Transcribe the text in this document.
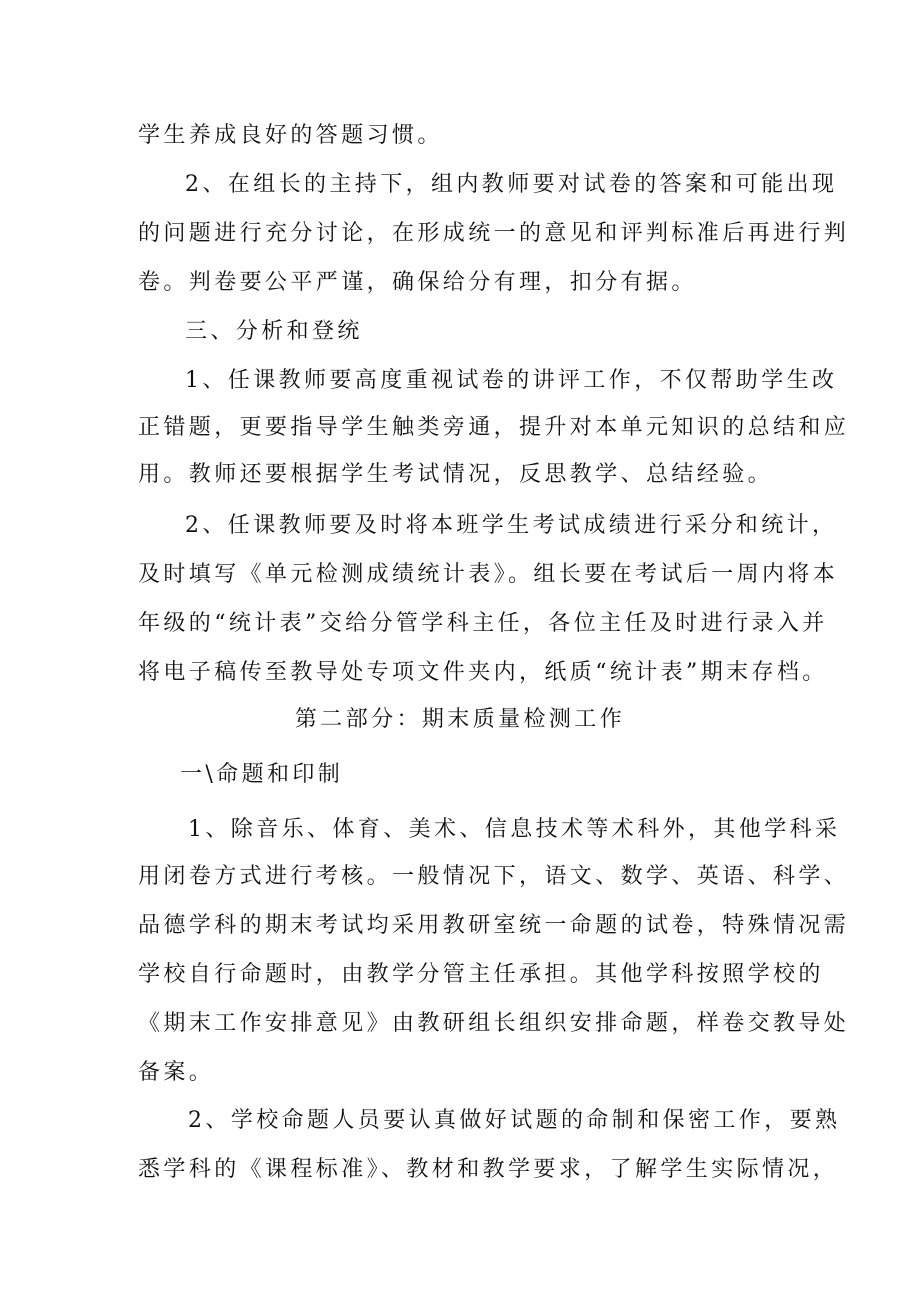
学生养成良好的答题习惯。
2、在组长的主持下，组内教师要对试卷的答案和可能出现
的问题进行充分讨论，在形成统一的意见和评判标准后再进行判
卷。判卷要公平严谨，确保给分有理，扣分有据。
三、分析和登统
1、任课教师要高度重视试卷的讲评工作，不仅帮助学生改
正错题，更要指导学生触类旁通，提升对本单元知识的总结和应
用。教师还要根据学生考试情况，反思教学、总结经验。
2、任课教师要及时将本班学生考试成绩进行采分和统计，
及时填写《单元检测成绩统计表》。组长要在考试后一周内将本
年级的“统计表”交给分管学科主任，各位主任及时进行录入并
将电子稿传至教导处专项文件夹内，纸质“统计表”期末存档。
第二部分：期末质量检测工作
一\命题和印制
1、除音乐、体育、美术、信息技术等术科外，其他学科采
用闭卷方式进行考核。一般情况下，语文、数学、英语、科学、
品德学科的期末考试均采用教研室统一命题的试卷，特殊情况需
学校自行命题时，由教学分管主任承担。其他学科按照学校的
《期末工作安排意见》由教研组长组织安排命题，样卷交教导处
备案。
2、学校命题人员要认真做好试题的命制和保密工作，要熟
悉学科的《课程标准》、教材和教学要求，了解学生实际情况，
